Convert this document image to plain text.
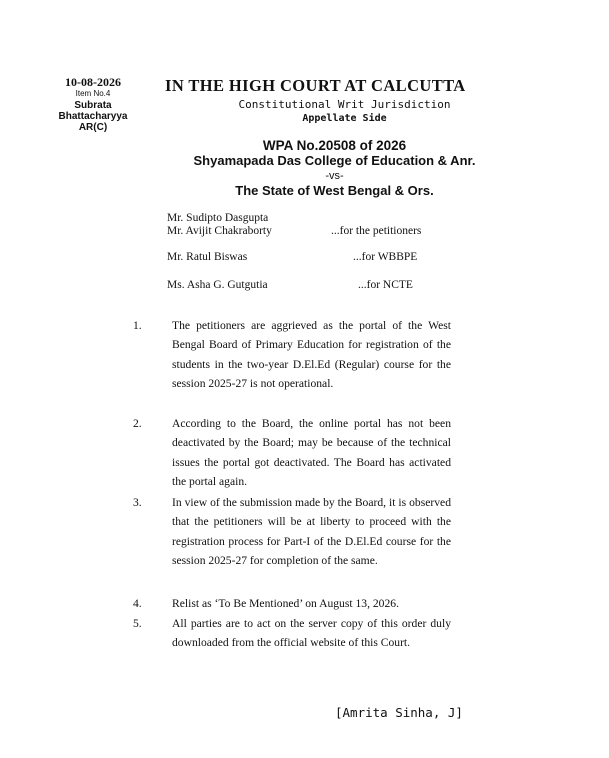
10-08-2026
Item No.4
Subrata
Bhattacharyya
AR(C)
IN THE HIGH COURT AT CALCUTTA
Constitutional Writ Jurisdiction
Appellate Side
WPA No.20508 of 2026
Shyamapada Das College of Education & Anr.
-vs-
The State of West Bengal & Ors.
Mr. Sudipto Dasgupta
Mr. Avijit Chakraborty	...for the petitioners
Mr. Ratul Biswas	...for WBBPE
Ms. Asha G. Gutgutia	...for NCTE
1.	The petitioners are aggrieved as the portal of the West Bengal Board of Primary Education for registration of the students in the two-year D.El.Ed (Regular) course for the session 2025-27 is not operational.
2.	According to the Board, the online portal has not been deactivated by the Board; may be because of the technical issues the portal got deactivated. The Board has activated the portal again.
3.	In view of the submission made by the Board, it is observed that the petitioners will be at liberty to proceed with the registration process for Part-I of the D.El.Ed course for the session 2025-27 for completion of the same.
4.	Relist as ‘To Be Mentioned’ on August 13, 2026.
5.	All parties are to act on the server copy of this order duly downloaded from the official website of this Court.
[Amrita Sinha, J]
